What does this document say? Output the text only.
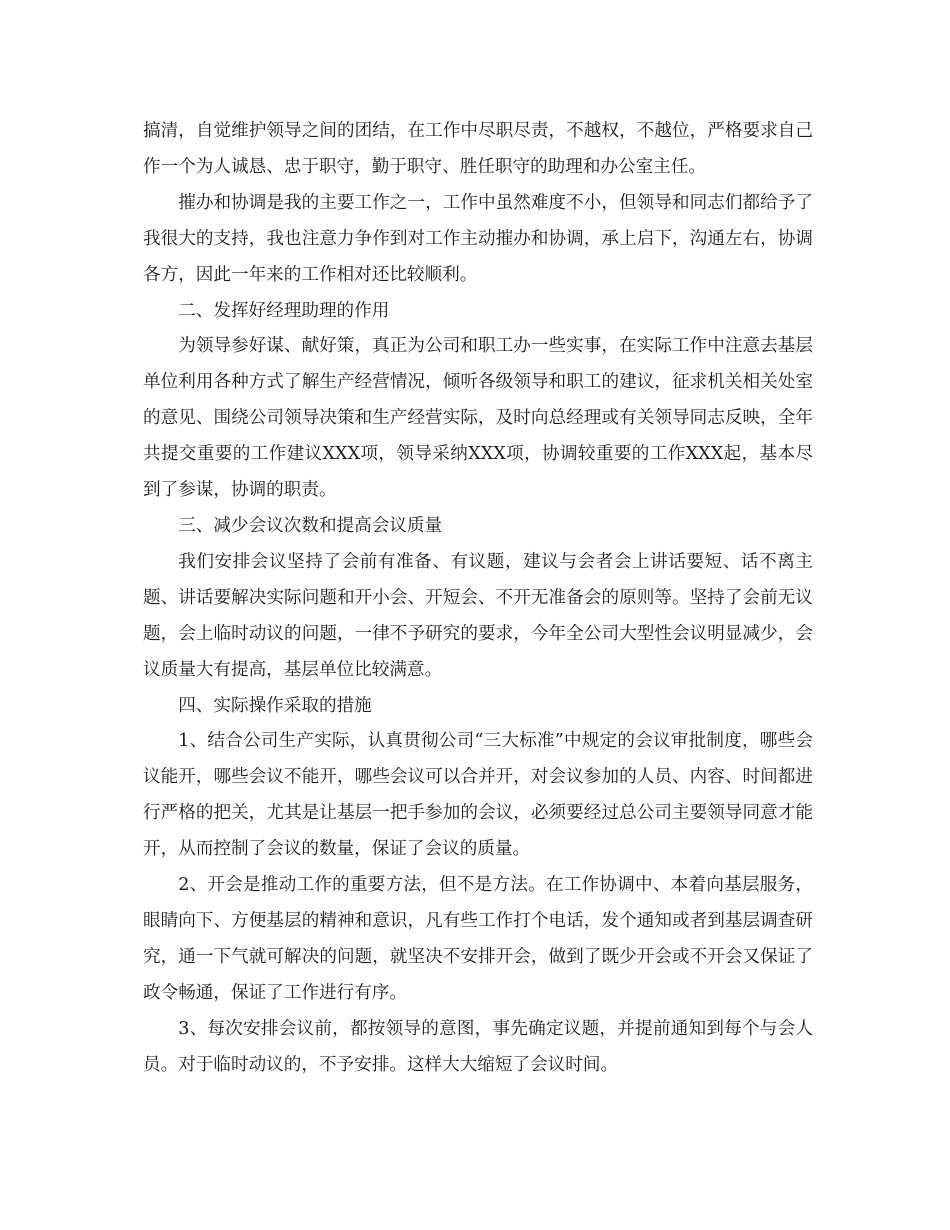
搞清，自觉维护领导之间的团结，在工作中尽职尽责，不越权，不越位，严格要求自己作一个为人诚恳、忠于职守，勤于职守、胜任职守的助理和办公室主任。

摧办和协调是我的主要工作之一，工作中虽然难度不小，但领导和同志们都给予了我很大的支持，我也注意力争作到对工作主动摧办和协调，承上启下，沟通左右，协调各方，因此一年来的工作相对还比较顺利。

二、发挥好经理助理的作用

为领导参好谋、献好策，真正为公司和职工办一些实事，在实际工作中注意去基层单位利用各种方式了解生产经营情况，倾听各级领导和职工的建议，征求机关相关处室的意见、围绕公司领导决策和生产经营实际，及时向总经理或有关领导同志反映，全年共提交重要的工作建议XXX项，领导采纳XXX项，协调较重要的工作XXX起，基本尽到了参谋，协调的职责。

三、减少会议次数和提高会议质量

我们安排会议坚持了会前有准备、有议题，建议与会者会上讲话要短、话不离主题、讲话要解决实际问题和开小会、开短会、不开无准备会的原则等。坚持了会前无议题，会上临时动议的问题，一律不予研究的要求，今年全公司大型性会议明显减少，会议质量大有提高，基层单位比较满意。

四、实际操作采取的措施

1、结合公司生产实际，认真贯彻公司“三大标准”中规定的会议审批制度，哪些会议能开，哪些会议不能开，哪些会议可以合并开，对会议参加的人员、内容、时间都进行严格的把关，尤其是让基层一把手参加的会议，必须要经过总公司主要领导同意才能开，从而控制了会议的数量，保证了会议的质量。

2、开会是推动工作的重要方法，但不是方法。在工作协调中、本着向基层服务，眼睛向下、方便基层的精神和意识，凡有些工作打个电话，发个通知或者到基层调查研究，通一下气就可解决的问题，就坚决不安排开会，做到了既少开会或不开会又保证了政令畅通，保证了工作进行有序。

3、每次安排会议前，都按领导的意图，事先确定议题，并提前通知到每个与会人员。对于临时动议的，不予安排。这样大大缩短了会议时间。
